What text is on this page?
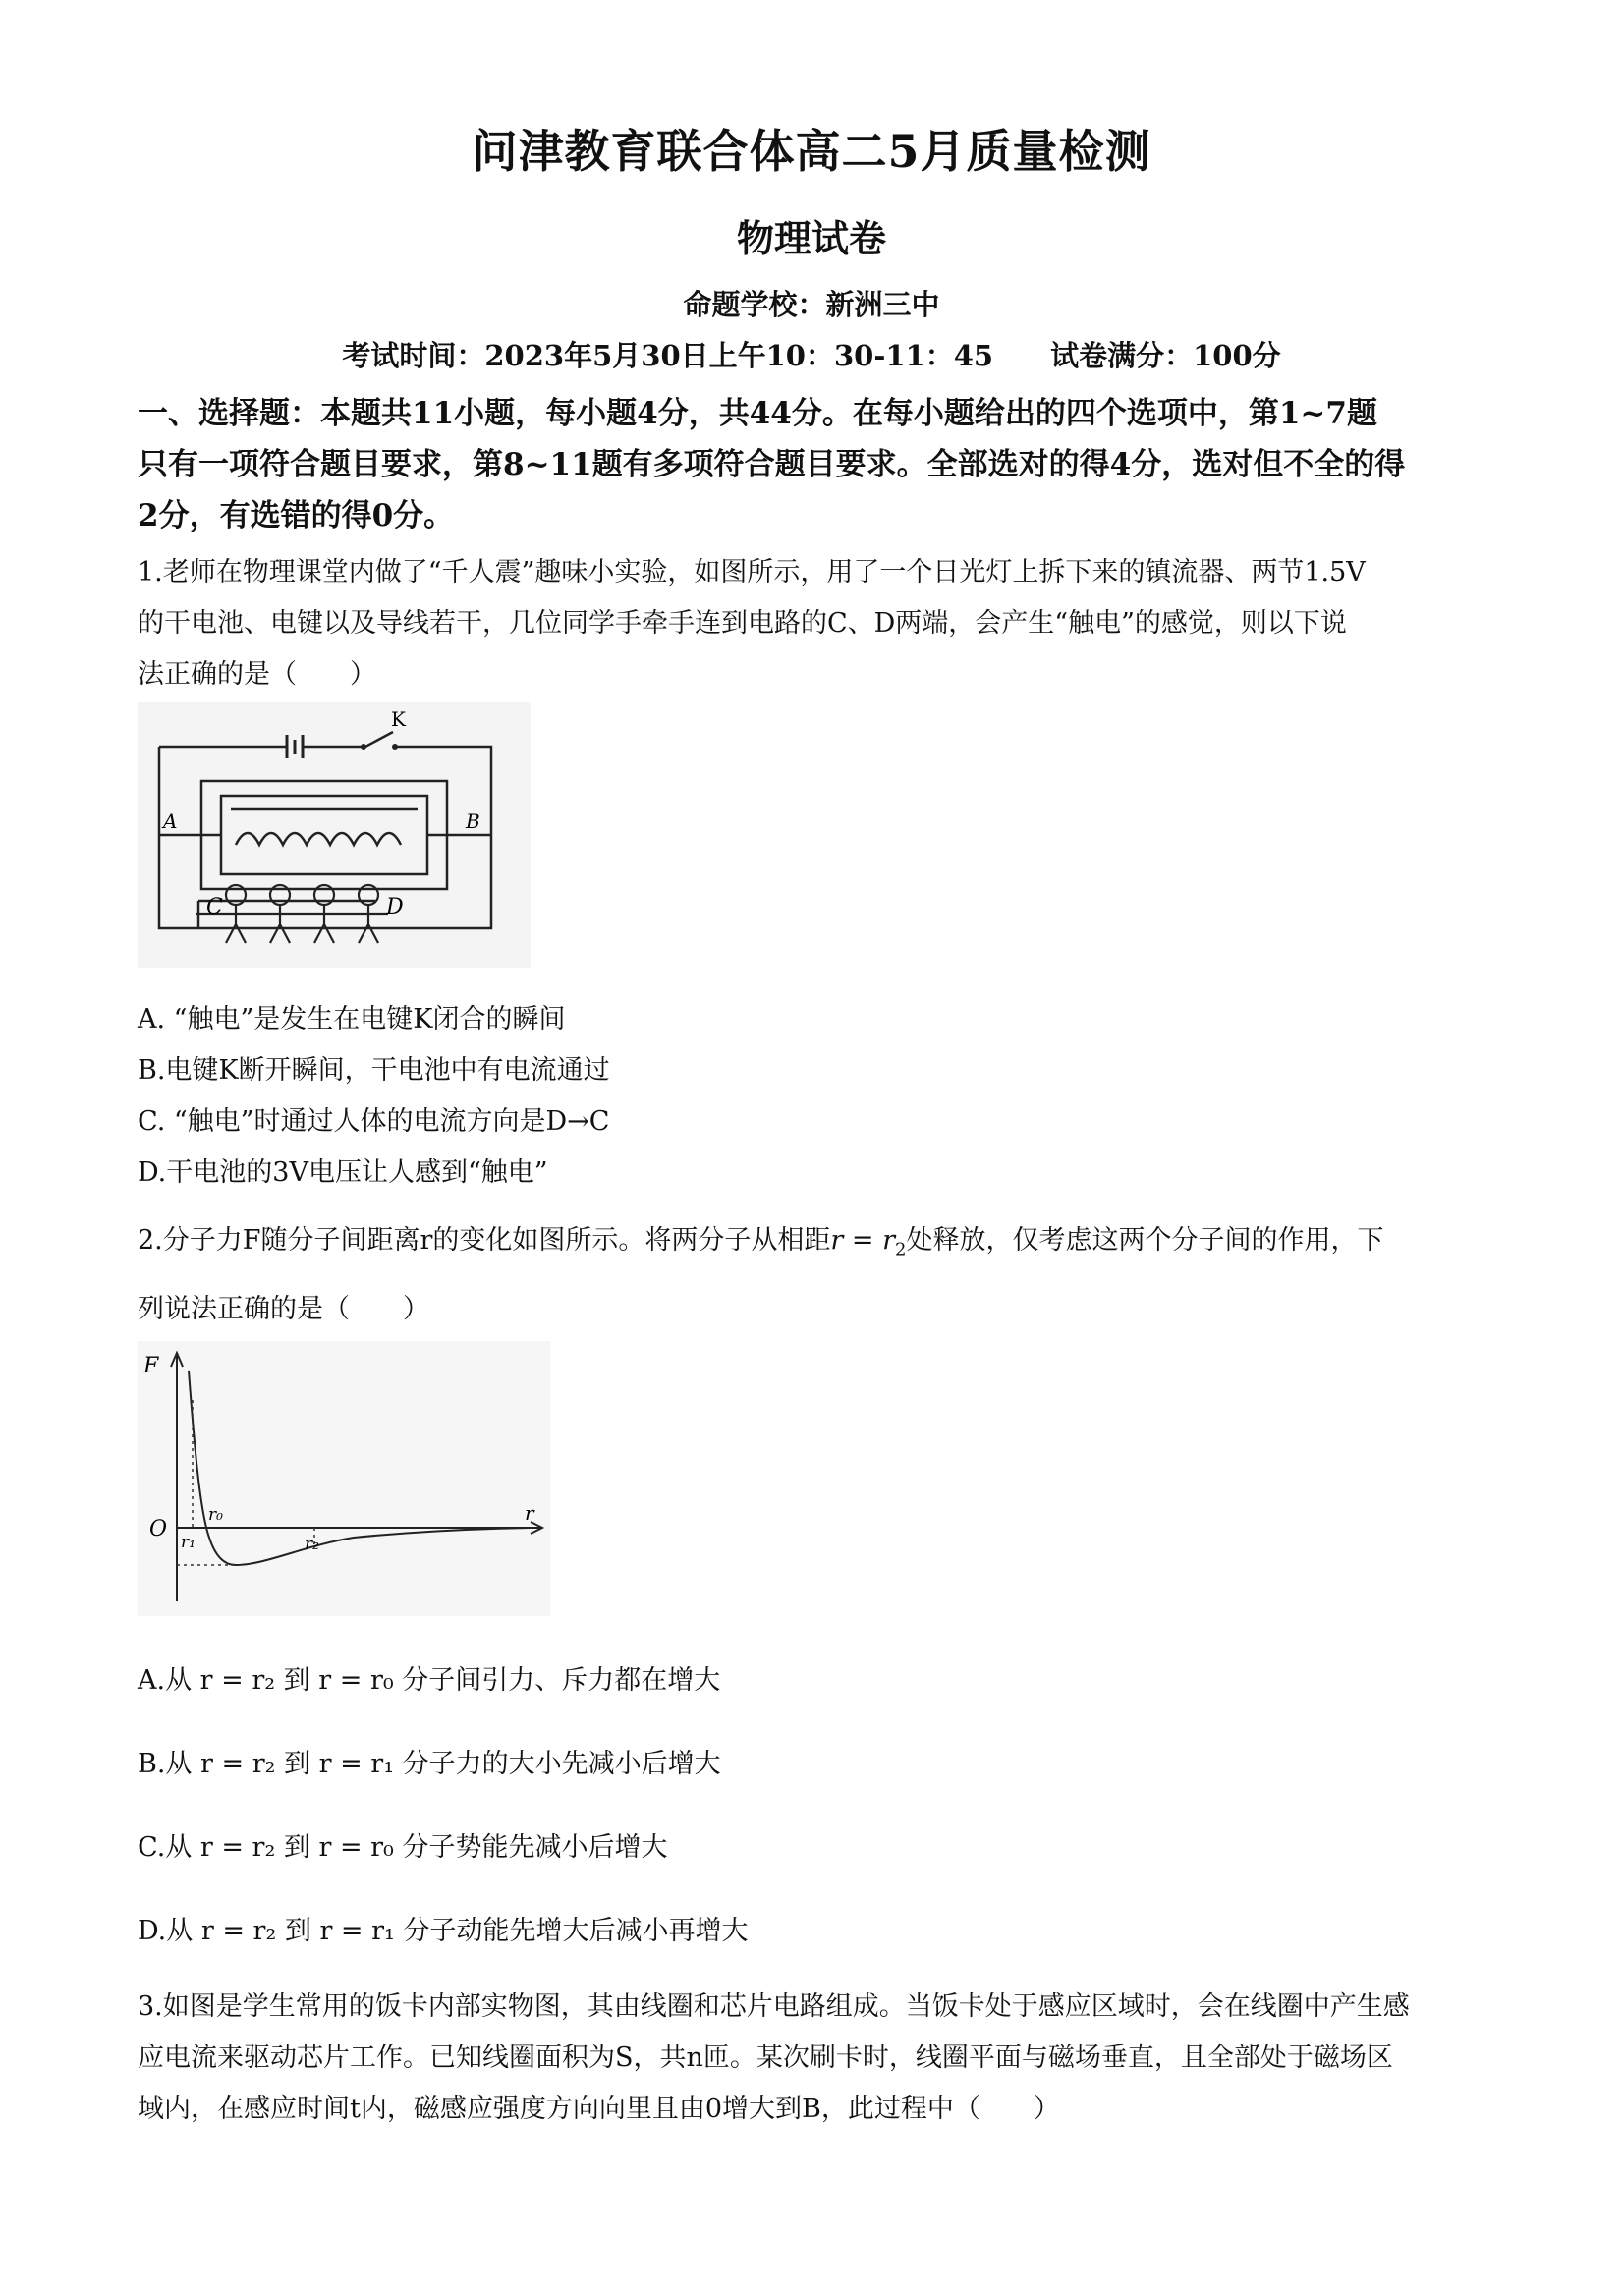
问津教育联合体高二5月质量检测
物理试卷
命题学校：新洲三中
考试时间：2023年5月30日上午10：30-11：45　　试卷满分：100分
一、选择题：本题共11小题，每小题4分，共44分。在每小题给出的四个选项中，第1~7题
只有一项符合题目要求，第8~11题有多项符合题目要求。全部选对的得4分，选对但不全的得
2分，有选错的得0分。
1.老师在物理课堂内做了“千人震”趣味小实验，如图所示，用了一个日光灯上拆下来的镇流器、两节1.5V
的干电池、电键以及导线若干，几位同学手牵手连到电路的C、D两端，会产生“触电”的感觉，则以下说
法正确的是（　　）
K
A	B
C	D
A. “触电”是发生在电键K闭合的瞬间
B.电键K断开瞬间，干电池中有电流通过
C. “触电”时通过人体的电流方向是D→C
D.干电池的3V电压让人感到“触电”
2.分子力F随分子间距离r的变化如图所示。将两分子从相距$r = r_2$处释放，仅考虑这两个分子间的作用，下
列说法正确的是（　　）
F
O
r₀
r₁	r₂
r
A.从 r = r₂ 到 r = r₀ 分子间引力、斥力都在增大
B.从 r = r₂ 到 r = r₁ 分子力的大小先减小后增大
C.从 r = r₂ 到 r = r₀ 分子势能先减小后增大
D.从 r = r₂ 到 r = r₁ 分子动能先增大后减小再增大
3.如图是学生常用的饭卡内部实物图，其由线圈和芯片电路组成。当饭卡处于感应区域时，会在线圈中产生感
应电流来驱动芯片工作。已知线圈面积为S，共n匝。某次刷卡时，线圈平面与磁场垂直，且全部处于磁场区
域内，在感应时间t内，磁感应强度方向向里且由0增大到B，此过程中（　　）
